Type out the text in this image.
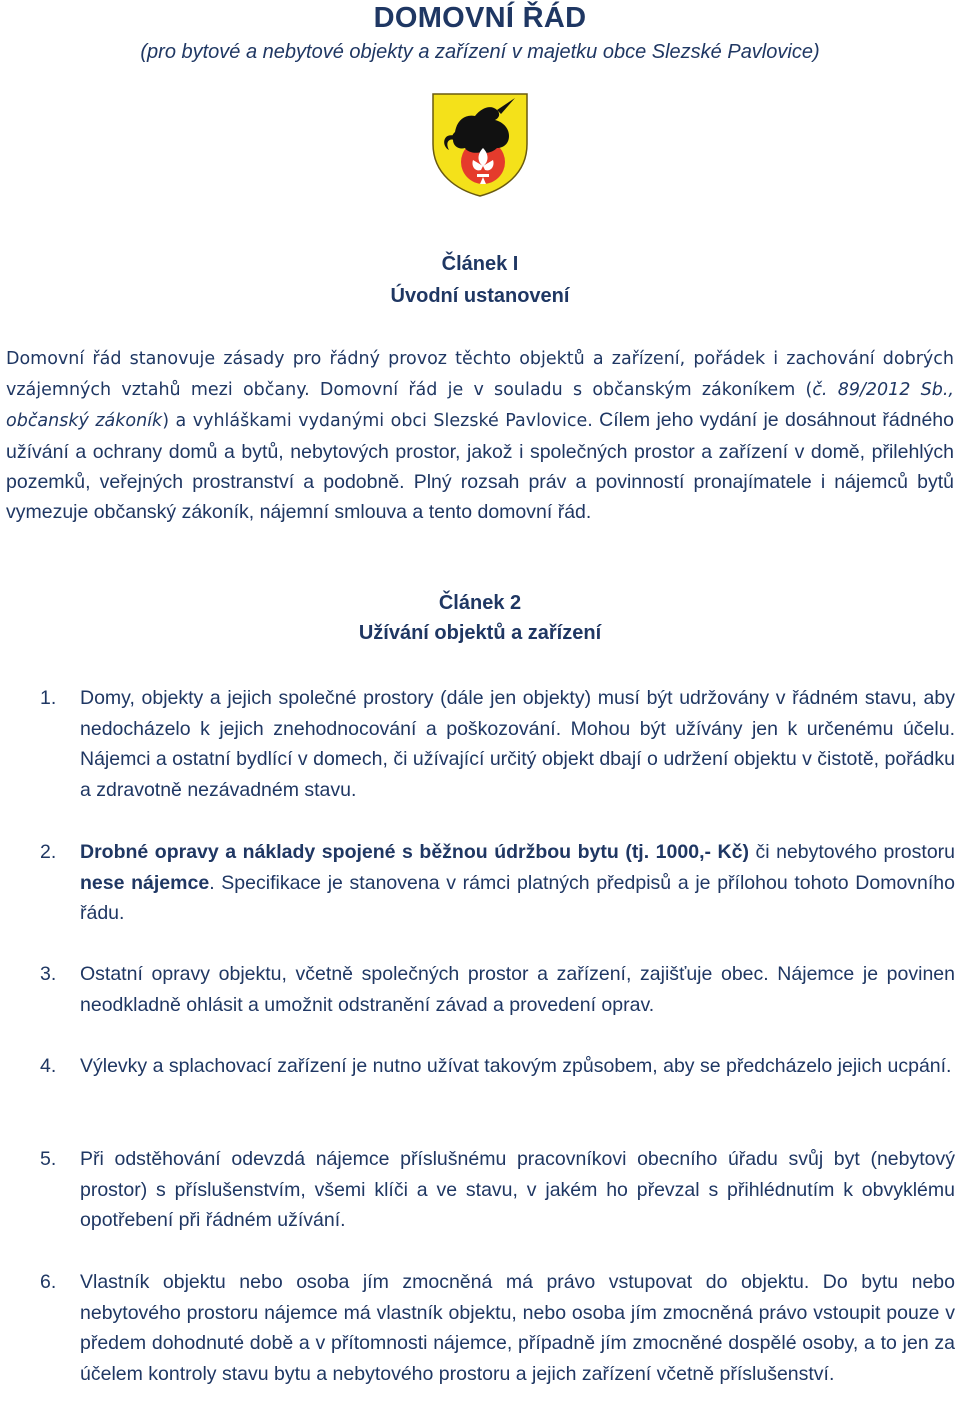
DOMOVNÍ ŘÁD
(pro bytové a nebytové objekty a zařízení v majetku obce Slezské Pavlovice)
Článek I
Úvodní ustanovení
Domovní řád stanovuje zásady pro řádný provoz těchto objektů a zařízení, pořádek i zachování dobrých vzájemných vztahů mezi občany. Domovní řád je v souladu s občanským zákoníkem (č. 89/2012 Sb., občanský zákoník) a vyhláškami vydanými obci Slezské Pavlovice. Cílem jeho vydání je dosáhnout řádného užívání a ochrany domů a bytů, nebytových prostor, jakož i společných prostor a zařízení v domě, přilehlých pozemků, veřejných prostranství a podobně. Plný rozsah práv a povinností pronajímatele i nájemců bytů vymezuje občanský zákoník, nájemní smlouva a tento domovní řád.
Článek 2
Užívání objektů a zařízení
1. Domy, objekty a jejich společné prostory (dále jen objekty) musí být udržovány v řádném stavu, aby nedocházelo k jejich znehodnocování a poškozování. Mohou být užívány jen k určenému účelu. Nájemci a ostatní bydlící v domech, či užívající určitý objekt dbají o udržení objektu v čistotě, pořádku a zdravotně nezávadném stavu.
2. Drobné opravy a náklady spojené s běžnou údržbou bytu (tj. 1000,- Kč) či nebytového prostoru nese nájemce. Specifikace je stanovena v rámci platných předpisů a je přílohou tohoto Domovního řádu.
3. Ostatní opravy objektu, včetně společných prostor a zařízení, zajišťuje obec. Nájemce je povinen neodkladně ohlásit a umožnit odstranění závad a provedení oprav.
4. Výlevky a splachovací zařízení je nutno užívat takovým způsobem, aby se předcházelo jejich ucpání.
5. Při odstěhování odevzdá nájemce příslušnému pracovníkovi obecního úřadu svůj byt (nebytový prostor) s příslušenstvím, všemi klíči a ve stavu, v jakém ho převzal s přihlédnutím k obvyklému opotřebení při řádném užívání.
6. Vlastník objektu nebo osoba jím zmocněná má právo vstupovat do objektu. Do bytu nebo nebytového prostoru nájemce má vlastník objektu, nebo osoba jím zmocněná právo vstoupit pouze v předem dohodnuté době a v přítomnosti nájemce, případně jím zmocněné dospělé osoby, a to jen za účelem kontroly stavu bytu a nebytového prostoru a jejich zařízení včetně příslušenství.
